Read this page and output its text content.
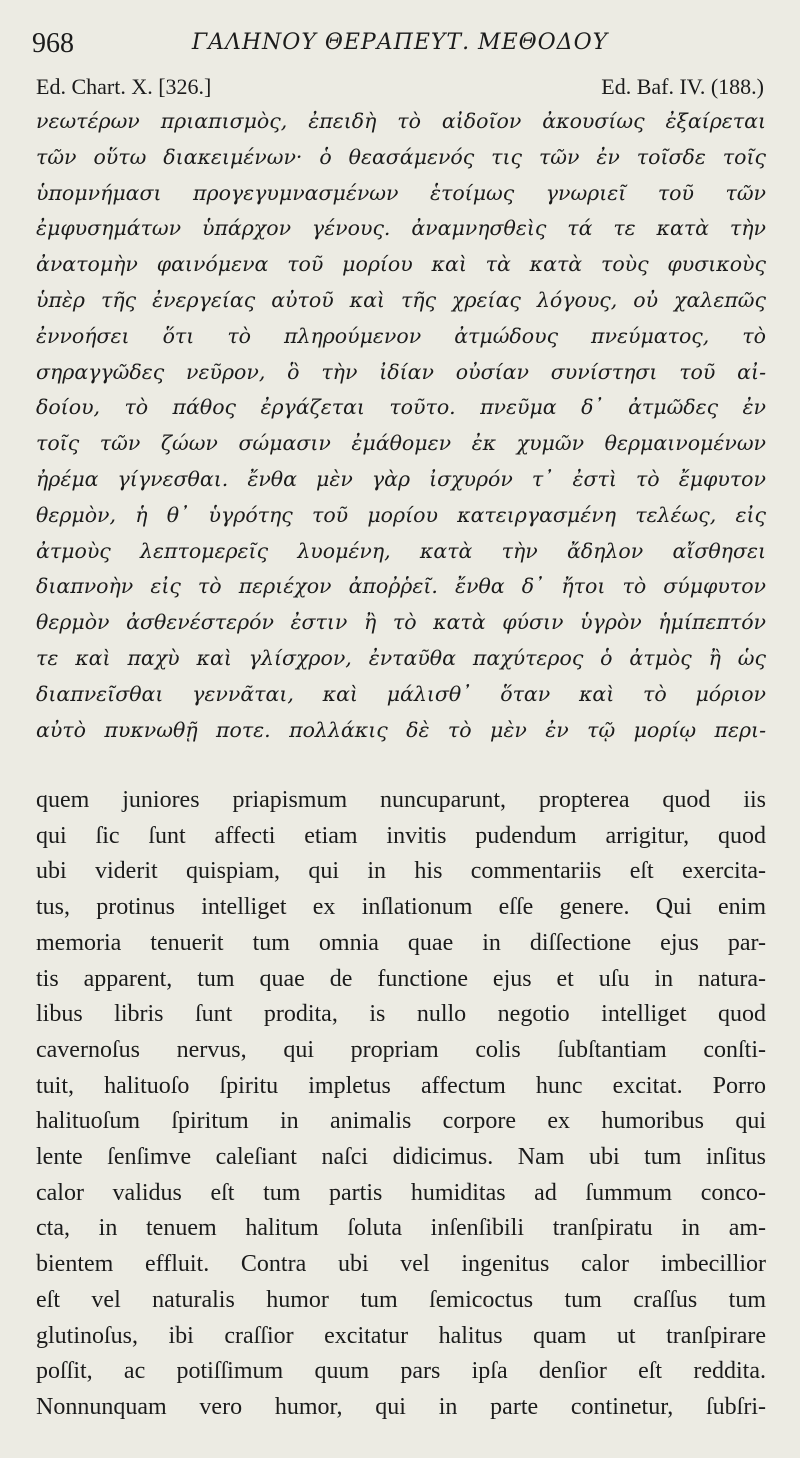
968	ΓΑΛΗΝΟΥ ΘΕΡΑΠΕΥΤ. ΜΕΘΟΔΟΥ
Ed. Chart. X. [326.]	Ed. Baf. IV. (188.)
νεωτέρων πριαπισμὸς, ἐπειδὴ τὸ αἰδοῖον ἀκουσίως ἐξαίρεται
τῶν οὕτω διακειμένων· ὁ θεασάμενός τις τῶν ἐν τοῖσδε τοῖς
ὑπομνήμασι προγεγυμνασμένων ἑτοίμως γνωριεῖ τοῦ τῶν
ἐμφυσημάτων ὑπάρχον γένους. ἀναμνησθεὶς τά τε κατὰ τὴν
ἀνατομὴν φαινόμενα τοῦ μορίου καὶ τὰ κατὰ τοὺς φυσικοὺς
ὑπὲρ τῆς ἐνεργείας αὐτοῦ καὶ τῆς χρείας λόγους, οὐ χαλεπῶς
ἐννοήσει ὅτι τὸ πληρούμενον ἀτμώδους πνεύματος, τὸ
σηραγγῶδες νεῦρον, ὃ τὴν ἰδίαν οὐσίαν συνίστησι τοῦ αἰ-
δοίου, τὸ πάθος ἐργάζεται τοῦτο. πνεῦμα δ᾽ ἀτμῶδες ἐν
τοῖς τῶν ζώων σώμασιν ἐμάθομεν ἐκ χυμῶν θερμαινομένων
ἠρέμα γίγνεσθαι. ἔνθα μὲν γὰρ ἰσχυρόν τ᾽ ἐστὶ τὸ ἔμφυτον
θερμὸν, ἡ θ᾽ ὑγρότης τοῦ μορίου κατειργασμένη τελέως, εἰς
ἀτμοὺς λεπτομερεῖς λυομένη, κατὰ τὴν ἄδηλον αἴσθησει
διαπνοὴν εἰς τὸ περιέχον ἀποῤῥεῖ. ἔνθα δ᾽ ἤτοι τὸ σύμφυτον
θερμὸν ἀσθενέστερόν ἐστιν ἢ τὸ κατὰ φύσιν ὑγρὸν ἡμίπεπτόν
τε καὶ παχὺ καὶ γλίσχρον, ἐνταῦθα παχύτερος ὁ ἀτμὸς ἢ ὡς
διαπνεῖσθαι γεννᾶται, καὶ μάλισθ᾽ ὅταν καὶ τὸ μόριον
αὐτὸ πυκνωθῇ ποτε. πολλάκις δὲ τὸ μὲν ἐν τῷ μορίῳ περι-
quem juniores priapismum nuncuparunt, propterea quod iis
qui ſic ſunt affecti etiam invitis pudendum arrigitur, quod
ubi viderit quispiam, qui in his commentariis eſt exercita-
tus, protinus intelliget ex inſlationum eſſe genere. Qui enim
memoria tenuerit tum omnia quae in diſſectione ejus par-
tis apparent, tum quae de functione ejus et uſu in natura-
libus libris ſunt prodita, is nullo negotio intelliget quod
cavernoſus nervus, qui propriam colis ſubſtantiam conſti-
tuit, halituoſo ſpiritu impletus affectum hunc excitat. Porro
halituoſum ſpiritum in animalis corpore ex humoribus qui
lente ſenſimve caleſiant naſci didicimus. Nam ubi tum inſitus
calor validus eſt tum partis humiditas ad ſummum conco-
cta, in tenuem halitum ſoluta inſenſibili tranſpiratu in am-
bientem effluit. Contra ubi vel ingenitus calor imbecillior
eſt vel naturalis humor tum ſemicoctus tum craſſus tum
glutinoſus, ibi craſſior excitatur halitus quam ut tranſpirare
poſſit, ac potiſſimum quum pars ipſa denſior eſt reddita.
Nonnunquam vero humor, qui in parte continetur, ſubſri-
